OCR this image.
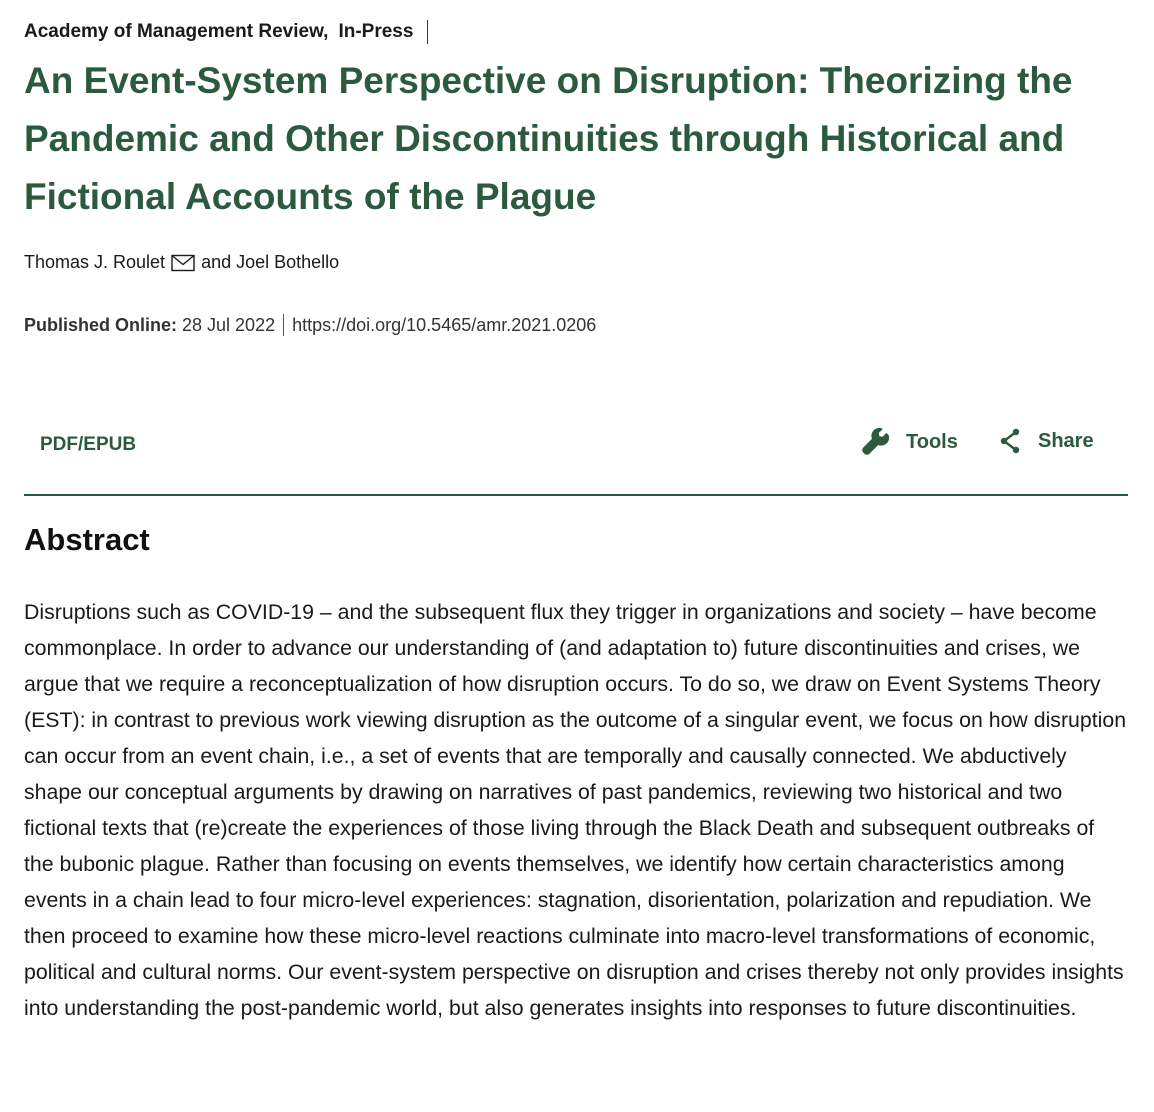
Academy of Management Review, In-Press
An Event-System Perspective on Disruption: Theorizing the Pandemic and Other Discontinuities through Historical and Fictional Accounts of the Plague
Thomas J. Roulet and Joel Bothello
Published Online: 28 Jul 2022 https://doi.org/10.5465/amr.2021.0206
PDF/EPUB	Tools	Share
Abstract

Disruptions such as COVID-19 – and the subsequent flux they trigger in organizations and society – have become commonplace. In order to advance our understanding of (and adaptation to) future discontinuities and crises, we argue that we require a reconceptualization of how disruption occurs. To do so, we draw on Event Systems Theory (EST): in contrast to previous work viewing disruption as the outcome of a singular event, we focus on how disruption can occur from an event chain, i.e., a set of events that are temporally and causally connected. We abductively shape our conceptual arguments by drawing on narratives of past pandemics, reviewing two historical and two fictional texts that (re)create the experiences of those living through the Black Death and subsequent outbreaks of the bubonic plague. Rather than focusing on events themselves, we identify how certain characteristics among events in a chain lead to four micro-level experiences: stagnation, disorientation, polarization and repudiation. We then proceed to examine how these micro-level reactions culminate into macro-level transformations of economic, political and cultural norms. Our event-system perspective on disruption and crises thereby not only provides insights into understanding the post-pandemic world, but also generates insights into responses to future discontinuities.
